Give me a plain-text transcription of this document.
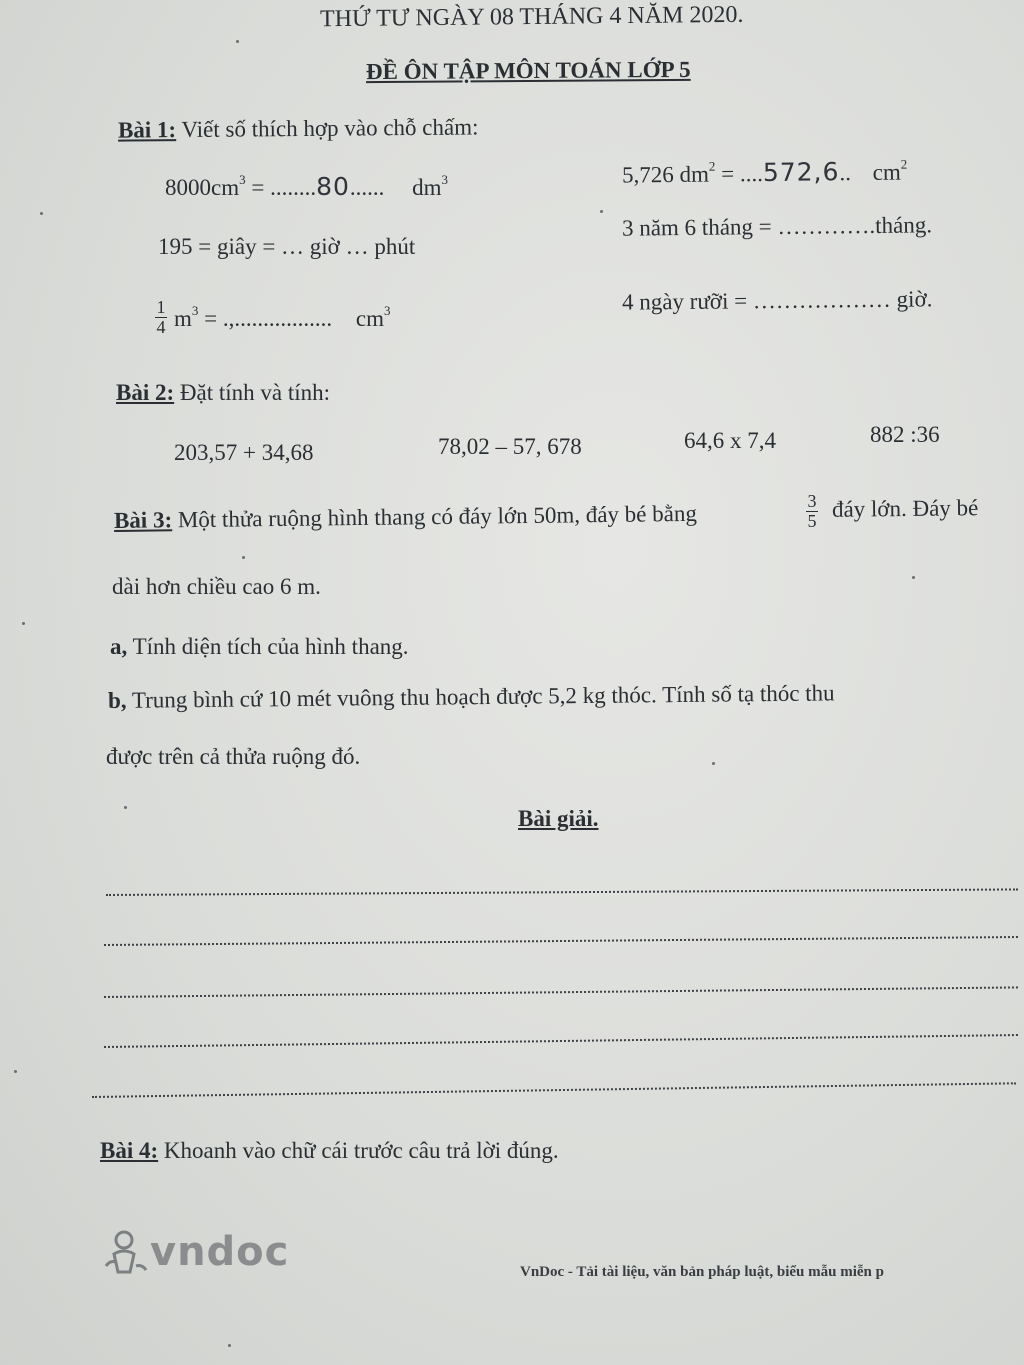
THỨ TƯ NGÀY 08 THÁNG 4 NĂM 2020.
ĐỀ ÔN TẬP MÔN TOÁN LỚP 5
Bài 1: Viết số thích hợp vào chỗ chấm:
$8000cm^3 = ........80$...... $dm^3$	5,726 $dm^2 = ....572,6$.. $cm^2$
195 = giây = … giờ … phút
3 năm 6 tháng = ………….tháng.
1
4 $m^3$ = .,................. $cm^3$	4 ngày rưỡi = ……………… giờ.
Bài 2: Đặt tính và tính:
203,57 + 34,68	78,02 – 57, 678	64,6 x 7,4	882 :36
Bài 3: Một thửa ruộng hình thang có đáy lớn 50m, đáy bé bằng	3
5 đáy lớn. Đáy bé
dài hơn chiều cao 6 m.
a, Tính diện tích của hình thang.
b, Trung bình cứ 10 mét vuông thu hoạch được 5,2 kg thóc. Tính số tạ thóc thu
được trên cả thửa ruộng đó.
Bài giải.
Bài 4: Khoanh vào chữ cái trước câu trả lời đúng.
vndoc	VnDoc - Tải tài liệu, văn bản pháp luật, biểu mẫu miễn p
